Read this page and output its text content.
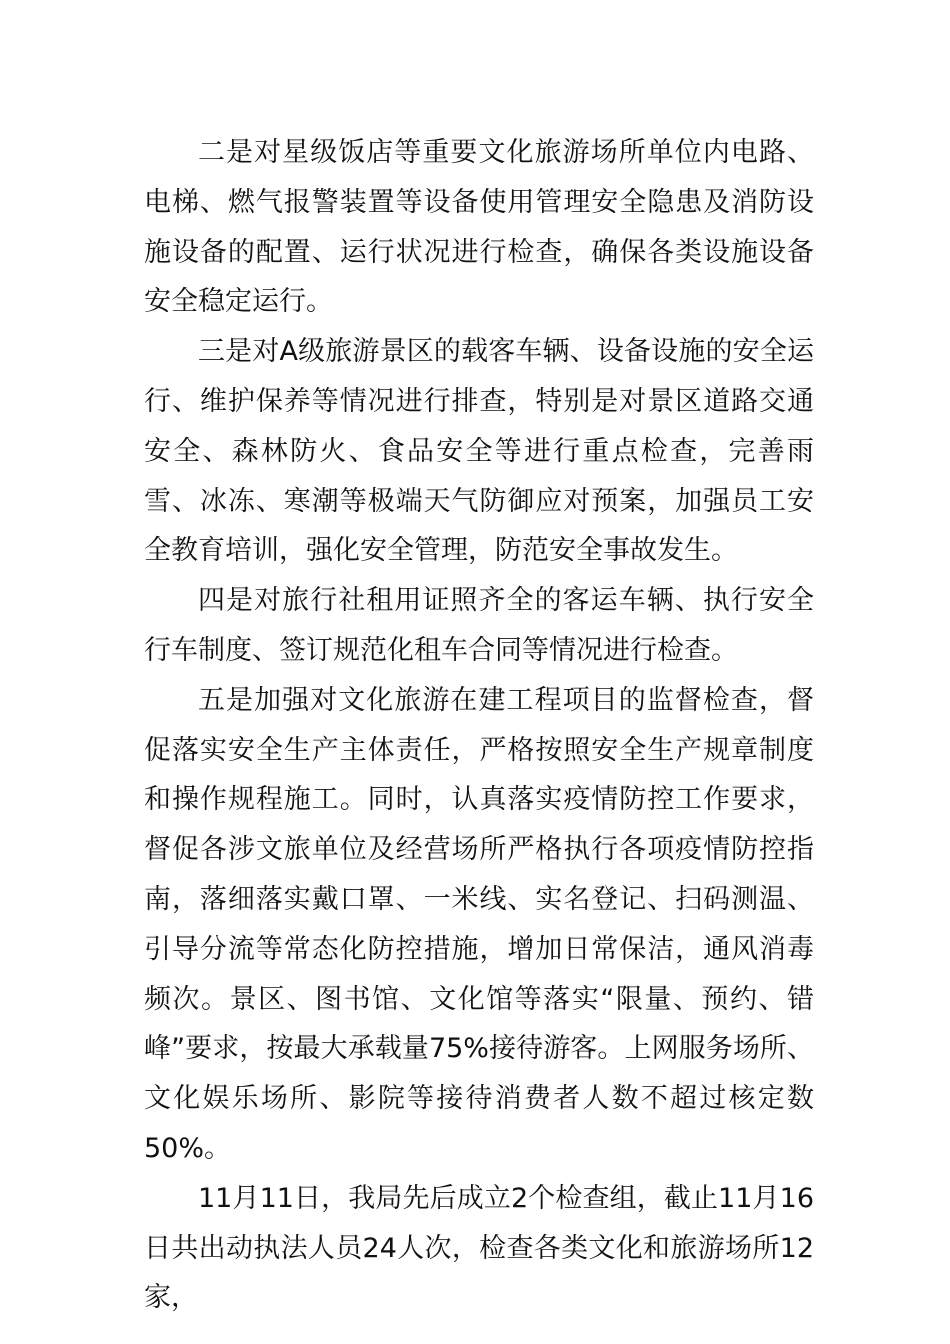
二是对星级饭店等重要文化旅游场所单位内电路、电梯、燃气报警装置等设备使用管理安全隐患及消防设施设备的配置、运行状况进行检查，确保各类设施设备安全稳定运行。

三是对A级旅游景区的载客车辆、设备设施的安全运行、维护保养等情况进行排查，特别是对景区道路交通安全、森林防火、食品安全等进行重点检查，完善雨雪、冰冻、寒潮等极端天气防御应对预案，加强员工安全教育培训，强化安全管理，防范安全事故发生。

四是对旅行社租用证照齐全的客运车辆、执行安全行车制度、签订规范化租车合同等情况进行检查。

五是加强对文化旅游在建工程项目的监督检查，督促落实安全生产主体责任，严格按照安全生产规章制度和操作规程施工。同时，认真落实疫情防控工作要求，督促各涉文旅单位及经营场所严格执行各项疫情防控指南，落细落实戴口罩、一米线、实名登记、扫码测温、引导分流等常态化防控措施，增加日常保洁，通风消毒频次。景区、图书馆、文化馆等落实“限量、预约、错峰”要求，按最大承载量75%接待游客。上网服务场所、文化娱乐场所、影院等接待消费者人数不超过核定数50%。

11月11日，我局先后成立2个检查组，截止11月16日共出动执法人员24人次，检查各类文化和旅游场所12家，
